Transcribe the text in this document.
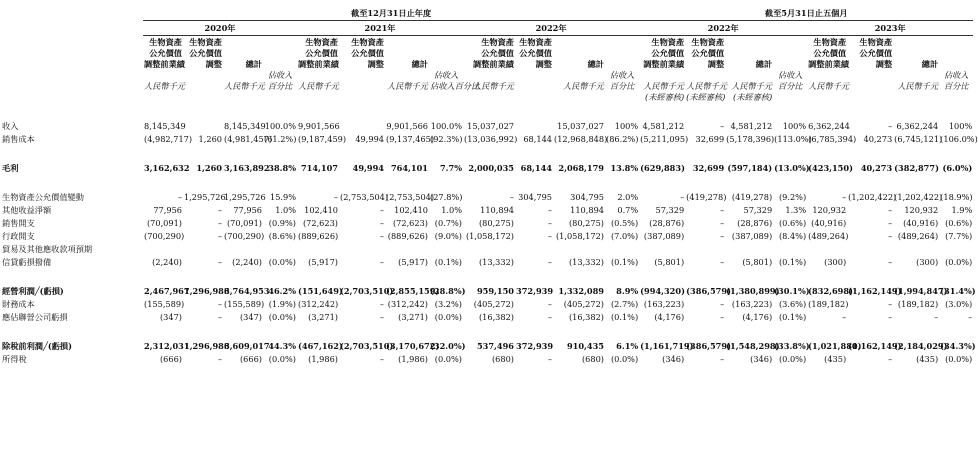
	截至12月31日止年度												截至5月31日止五個月							
	2020年				2021年				2022年				2022年				2023年			
	生物資產	生物資產			生物資產	生物資產			生物資產	生物資產			生物資產	生物資產			生物資產	生物資產		
	公允價值	公允價值			公允價值	公允價值			公允價值	公允價值			公允價值	公允價值			公允價值	公允價值		
	調整前業績	調整	總計		調整前業績	調整	總計		調整前業績	調整	總計		調整前業績	調整	總計		調整前業績	調整	總計	
				佔收入				佔收入				佔收入				佔收入				佔收入
	人民幣千元		人民幣千元	百分比	人民幣千元		人民幣千元	佔收入百分比	人民幣千元		人民幣千元	百分比	人民幣千元	人民幣千元	人民幣千元	百分比	人民幣千元		人民幣千元	百分比
													(未經審核)	(未經審核)	(未經審核)					

收入	8,145,349		8,145,349	100.0%	9,901,566		9,901,566	100.0%	15,037,027		15,037,027	100%	4,581,212	–	4,581,212	100%	6,362,244	–	6,362,244	100%
銷售成本	(4,982,717)	1,260	(4,981,457)	(61.2%)	(9,187,459)	49,994	(9,137,465)	(92.3%)	(13,036,992)	68,144	(12,968,848)	(86.2%)	(5,211,095)	32,699	(5,178,396)	(113.0%)	(6,785,394)	40,273	(6,745,121)	(106.0%)

毛利	3,162,632	1,260	3,163,892	38.8%	714,107	49,994	764,101	7.7%	2,000,035	68,144	2,068,179	13.8%	(629,883)	32,699	(597,184)	(13.0%)	(423,150)	40,273	(382,877)	(6.0%)

生物資產公允價值變動	–	1,295,726	1,295,726	15.9%	–	(2,753,504)	(2,753,504)	(27.8%)	–	304,795	304,795	2.0%	–	(419,278)	(419,278)	(9.2%)	–	(1,202,422)	(1,202,422)	(18.9%)
其他收益淨額	77,956	–	77,956	1.0%	102,410	–	102,410	1.0%	110,894	–	110,894	0.7%	57,329	–	57,329	1.3%	120,932	–	120,932	1.9%
銷售開支	(70,091)	–	(70,091)	(0.9%)	(72,623)	–	(72,623)	(0.7%)	(80,275)	–	(80,275)	(0.5%)	(28,876)	–	(28,876)	(0.6%)	(40,916)	–	(40,916)	(0.6%)
行政開支	(700,290)	–	(700,290)	(8.6%)	(889,626)	–	(889,626)	(9.0%)	(1,058,172)	–	(1,058,172)	(7.0%)	(387,089)	–	(387,089)	(8.4%)	(489,264)	–	(489,264)	(7.7%)
貿易及其他應收款項預期																				
信貸虧損撥備	(2,240)	–	(2,240)	(0.0%)	(5,917)	–	(5,917)	(0.1%)	(13,332)	–	(13,332)	(0.1%)	(5,801)	–	(5,801)	(0.1%)	(300)	–	(300)	(0.0%)

經營利潤╱(虧損)	2,467,967	1,296,986	3,764,953	46.2%	(151,649)	(2,703,510)	(2,855,159)	(28.8%)	959,150	372,939	1,332,089	8.9%	(994,320)	(386,579)	(1,380,899)	(30.1%)	(832,698)	(1,162,149)	(1,994,847)	(31.4%)
財務成本	(155,589)	–	(155,589)	(1.9%)	(312,242)	–	(312,242)	(3.2%)	(405,272)	–	(405,272)	(2.7%)	(163,223)	–	(163,223)	(3.6%)	(189,182)	–	(189,182)	(3.0%)
應佔聯營公司虧損	(347)	–	(347)	(0.0%)	(3,271)	–	(3,271)	(0.0%)	(16,382)	–	(16,382)	(0.1%)	(4,176)	–	(4,176)	(0.1%)	–	–	–	–

除稅前利潤╱(虧損)	2,312,031	1,296,986	3,609,017	44.3%	(467,162)	(2,703,510)	(3,170,672)	(32.0%)	537,496	372,939	910,435	6.1%	(1,161,719)	(386,579)	(1,548,298)	(33.8%)	(1,021,880)	(1,162,149)	(2,184,029)	(34.3%)
所得稅	(666)	–	(666)	(0.0%)	(1,986)	–	(1,986)	(0.0%)	(680)	–	(680)	(0.0%)	(346)	–	(346)	(0.0%)	(435)	–	(435)	(0.0%)
